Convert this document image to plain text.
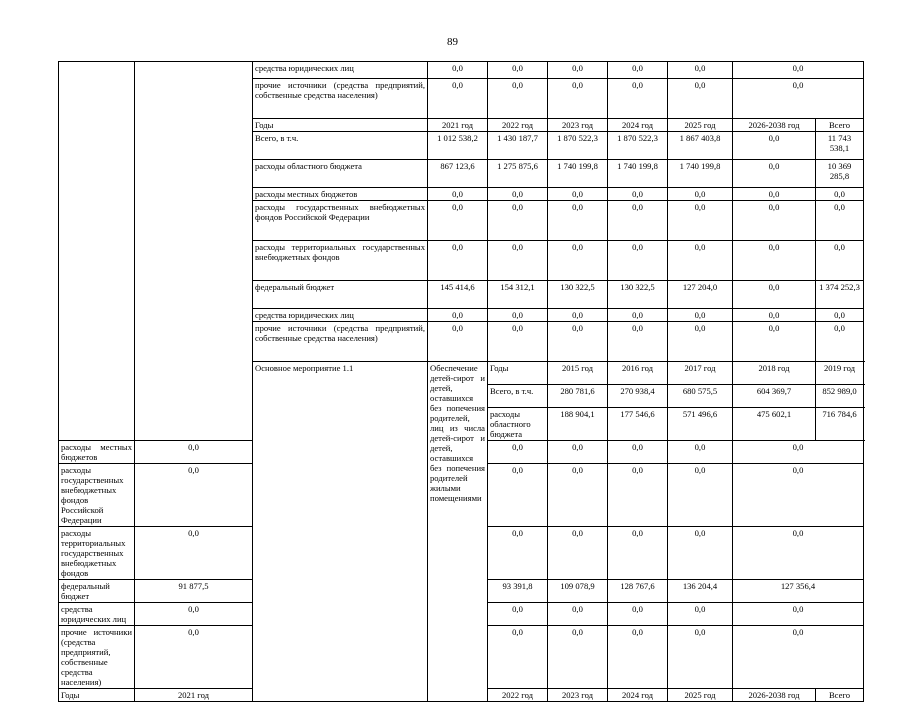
89
		средства юридических лиц	0,0	0,0	0,0	0,0	0,0	0,0		
		прочие источники (средства предприятий, собственные средства населения)	0,0	0,0	0,0	0,0	0,0	0,0		
		Годы	2021 год	2022 год	2023 год	2024 год	2025 год	2026-2038 год	Всего	
		Всего, в т.ч.	1 012 538,2	1 430 187,7	1 870 522,3	1 870 522,3	1 867 403,8	0,0	11 743 538,1	
		расходы областного бюджета	867 123,6	1 275 875,6	1 740 199,8	1 740 199,8	1 740 199,8	0,0	10 369 285,8	
		расходы местных бюджетов	0,0	0,0	0,0	0,0	0,0	0,0	0,0	
		расходы государственных внебюджетных фондов Российской Федерации	0,0	0,0	0,0	0,0	0,0	0,0	0,0	
		расходы территориальных государственных внебюджетных фондов	0,0	0,0	0,0	0,0	0,0	0,0	0,0	
		федеральный бюджет	145 414,6	154 312,1	130 322,5	130 322,5	127 204,0	0,0	1 374 252,3	
		средства юридических лиц	0,0	0,0	0,0	0,0	0,0	0,0	0,0	
		прочие источники (средства предприятий, собственные средства населения)	0,0	0,0	0,0	0,0	0,0	0,0	0,0	
		Основное мероприятие 1.1	Обеспечение детей-сирот и детей, оставшихся без попечения родителей, лиц из числа детей-сирот и детей, оставшихся без попечения родителей жилыми помещениями	Годы	2015 год	2016 год	2017 год	2018 год	2019 год	
				Всего, в т.ч.	280 781,6	270 938,4	680 575,5	604 369,7	852 989,0	
				расходы областного бюджета	188 904,1	177 546,6	571 496,6	475 602,1	716 784,6	
расходы местных бюджетов	0,0			0,0	0,0	0,0	0,0	0,0		
расходы государственных внебюджетных фондов Российской Федерации	0,0			0,0	0,0	0,0	0,0	0,0		
расходы территориальных государственных внебюджетных фондов	0,0			0,0	0,0	0,0	0,0	0,0		
федеральный бюджет	91 877,5			93 391,8	109 078,9	128 767,6	136 204,4	127 356,4		
средства юридических лиц	0,0			0,0	0,0	0,0	0,0	0,0		
прочие источники (средства предприятий, собственные средства населения)	0,0			0,0	0,0	0,0	0,0	0,0		
Годы	2021 год			2022 год	2023 год	2024 год	2025 год	2026-2038 год	Всего	
